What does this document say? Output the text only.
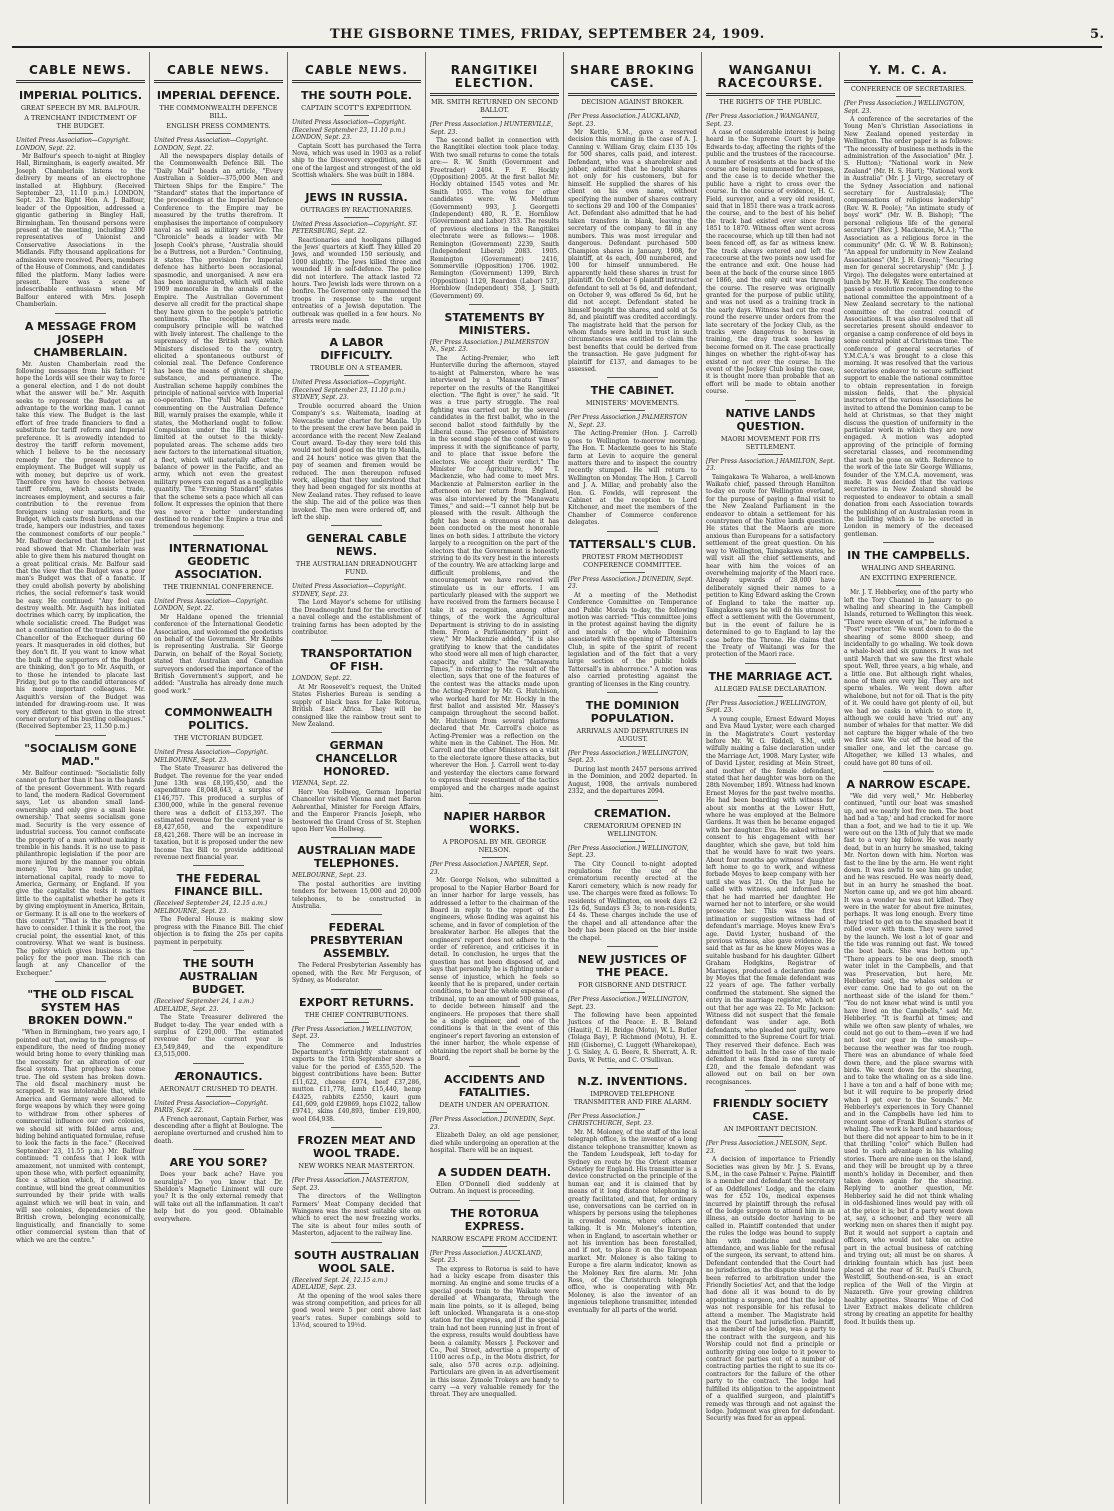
THE GISBORNE TIMES, FRIDAY, SEPTEMBER 24, 1909.	5.
CABLE NEWS.
IMPERIAL POLITICS.
GREAT SPEECH BY MR. BALFOUR.
A TRENCHANT INDICTMENT OF THE BUDGET.
United Press Association—Copyright. LONDON, Sept. 22.
Mr Balfour's speech to-night at Bingley Hall, Birmingham, is eagerly awaited. Mr Joseph Chamberlain listens to the delivery by means of an electrophone installed at Highbury. (Received September 23, 11.10 p.m.) LONDON, Sept. 23. The Right Hon. A. J. Balfour, leader of the Opposition, addressed a gigantic gathering in Bingley Hall, Birmingham. Ten thousand persons were present at the meeting, including 2300 representatives of Unionist and Conservative Associations in the Midlands. Fifty thousand applications for admission were received. Peers, members of the House of Commons, and candidates filled the platform. Many ladies were present. There was a scene of indescribable enthusiasm when Mr Balfour entered with Mrs. Joseph Chamberlain.
A MESSAGE FROM JOSEPH CHAMBERLAIN.
Mr. Austen Chamberlain read the following messages from his father: "I hope the Lords will see their way to force a general election, and I do not doubt what the answer will be." Mr. Asquith seeks to represent the Budget as an advantage to the working man. I cannot take this view. The Budget is the last effort of free trade financiers to find a substitute for tariff reform and Imperial preference. It is avowedly intended to destroy the tariff reform movement, which I believe to be the necessary remedy for the present want of employment. The Budget will supply us with money, but deprive us of work. Therefore you have to choose between tariff reform, which assists trade, increases employment, and secures a fair contribution to the revenue from foreigners using our markets, and the Budget, which casts fresh burdens on our trade, hampers our industries, and taxes the commonest comforts of our people." Mr. Balfour declared that the letter just read showed that Mr. Chamberlain was able to give them his matured thought on a great political crisis. Mr. Balfour said that the view that the Budget was a poor man's Budget was that of a fanatic. If they could abolish poverty by abolishing riches, the social reformer's task would be easy. He continued: "Any fool can destroy wealth. Mr. Asquith has initiated doctrines which carry, by implication, the whole socialistic creed. The Budget was not a continuation of the traditions of the Chancellor of the Exchequer during 60 years. It masquerades in old clothes, but they don't fit. If you want to know what the bulk of the supporters of the Budget are thinking, don't go to Mr. Asquith, or to those he intended to placate last Friday, but go to the candid utterances of his more important colleagues. Mr. Asquith's version of the Budget was intended for drawing-room use. It was very different to that given in the street corner oratory of his bustling colleagues." (Received September 23, 11.50 p.m.)
"SOCIALISM GONE MAD."
Mr. Balfour continued: "Socialistic folly cannot go further than it has in the hands of the present Government. With regard to land, the modern Radical Government says, 'Let us abandon small land-ownership and only give a small lease ownership.' That seems socialism gone mad. Security is the very essence of industrial success. You cannot confiscate the property of a man without making it tremble in his hands. It is no use to pass philanthropic legislation if the poor are more injured by the manner you obtain money. You have mobile capital, international capital, ready to move to America, Germany, or England. If you give the capitalist the tests it matters little to the capitalist whether he gets it by giving employment in America, Britain, or Germany. It is all one to the workers of this country." "That is the problem you have to consider. I think it is the root, the crucial point, the essential knot, of this controversy. What we want is business. The policy which gives business is the policy for the poor man. The rich can laugh at any Chancellor of the Exchequer."
"THE OLD FISCAL SYSTEM HAS BROKEN DOWN."
"When in Birmingham, two years ago, I pointed out that, owing to the progress of expenditure, the need of finding money would bring home to every thinking man the necessity for an alteration of our fiscal system. That prophecy has come true. The old system has broken down. The old fiscal machinery must be scrapped. It was intolerable that, while America and Germany were allowed to forge weapons by which they were going to withdraw from other spheres of commercial influence our own colonies, we should sit with folded arms and, hiding behind antiquated formulae, refuse to look the facts in the face." (Received September 23, 11.55 p.m.) Mr. Balfour continued: "I confess that I look with amazement, not unmixed with contempt, upon those who, with perfect equanimity, face a situation which, if allowed to continue, will bind the great communities surrounded by their pride with walls against which we will beat in vain, and will see colonies, dependencies of the British crown, belonging economically, linguistically, and financially to some other commercial system than that of which we are the centre."
CABLE NEWS.
IMPERIAL DEFENCE.
THE COMMONWEALTH DEFENCE BILL.
ENGLISH PRESS COMMENTS.
United Press Association—Copyright. LONDON, Sept. 22.
All the newspapers display details of the Commonwealth Defence Bill. The "Daily Mail" heads an article, "Every Australian a Soldier—375,000 Men and Thirteen Ships for the Empire." The "Standard" states that the importance of the proceedings at the Imperial Defence Conference to the Empire may be measured by the truths therefrom. It emphasises the importance of compulsory naval as well as military service. The "Chronicle" heads a leader with Mr Joseph Cook's phrase, "Australia should be a Buttress, not a Burden." Continuing, it states: The provision for Imperial defence has hitherto been occasional, spasmodic, and unorganised. A new era has been inaugurated, which will make 1909 memorable in the annals of the Empire. The Australian Government deserve all credit for the practical shape they have given to the people's patriotic sentiments. The reception of the compulsory principle will be watched with lively interest. The challenge to the supremacy of the British navy, which Ministers disclosed to the country, elicited a spontaneous outburst of colonial zeal. The Defence Conference has been the means of giving it shape, substance, and permanence. The Australian scheme happily combines the principle of national service with Imperial co-operation. The "Pall Mall Gazette," commenting on the Australian Defence Bill, warmly praises the example, while it states, the Motherland ought to follow. Compulsion under the Bill is wisely limited at the outset to the thickly-populated areas. The scheme adds two new factors to the international situation, a fleet, which will materially affect the balance of power in the Pacific, and an army, which not even the greatest military powers can regard as a negligible quantity. The "Evening Standard" states that the scheme sets a pace which all can follow. It expresses the opinion that there was never a better understanding destined to render the Empire a true and tremendous hegemony.
INTERNATIONAL GEODETIC ASSOCIATION.
THE TRIENNIAL CONFERENCE.
United Press Association—Copyright. LONDON, Sept. 22.
Mr Haldane opened the triennial conference of the International Geodetic Association, and welcomed the geodetists on behalf of the Government. Mr Knibbs is representing Australia. Sir George Darwin, on behalf of the Royal Society, stated that Australian and Canadian surveyors endorsed the importance of the British Government's support, and he added: "Australia has already done much good work."
COMMONWEALTH POLITICS.
THE VICTORIAN BUDGET.
United Press Association—Copyright. MELBOURNE, Sept. 23.
The State Treasurer has delivered the Budget. The revenue for the year ended June 13th was £8,195,450, and the expenditure £8,048,643, a surplus of £146,757. This produced a surplus of £300,000, while in the general revenue there was a deficit of £153,397. The estimated revenue for the current year is £8,427,650, and the expenditure £8,421,268. There will be an increase in taxation, but it is proposed under the new Income Tax Bill to provide additional revenue next financial year.
THE FEDERAL FINANCE BILL.
(Received September 24, 12.15 a.m.) MELBOURNE, Sept. 23.
The Federal House is making slow progress with the Finance Bill. The chief objection is to fixing the 25s per capita payment in perpetuity.
THE SOUTH AUSTRALIAN BUDGET.
(Received September 24, 1 a.m.) ADELAIDE, Sept. 23.
The State Treasurer delivered the Budget to-day. The year ended with a surplus of £291,000. The estimated revenue for the current year is £3,549,849, and the expenditure £3,515,000.
ÆRONAUTICS.
AERONAUT CRUSHED TO DEATH.
United Press Association—Copyright. PARIS, Sept. 22.
A French aeronaut, Captain Ferber, was descending after a flight at Boulogne. The aeroplane overturned and crushed him to death.
ARE YOU SORE?
Does your back ache? Have you neuralgia? Do you know that Dr. Sheldon's Magnetic Liniment will cure you? It is the only external remedy that will take out all the inflammation. It can't help but do you good. Obtainable everywhere.
CABLE NEWS.
THE SOUTH POLE.
CAPTAIN SCOTT'S EXPEDITION.
United Press Association—Copyright. (Received September 23, 11.10 p.m.) LONDON, Sept. 23.
Captain Scott has purchased the Terra Nova, which was used in 1903 as a relief ship to the Discovery expedition, and is one of the largest and strongest of the old Scottish whalers. She was built in 1884.
JEWS IN RUSSIA.
OUTRAGES BY REACTIONARIES.
United Press Association—Copyright. ST. PETERSBURG, Sept. 22.
Reactionaries and hooligans pillaged the Jews' quarters at Kieff. They killed 20 Jews, and wounded 150 seriously, and 1000 slightly. The Jews killed three and wounded 18 in self-defence. The police did not interfere. The attack lasted 72 hours. Two Jewish lads were thrown on a bonfire. The Governor only summoned the troops in response to the urgent entreaties of a Jewish deputation. The outbreak was quelled in a few hours. No arrests were made.
A LABOR DIFFICULTY.
TROUBLE ON A STEAMER.
United Press Association—Copyright. (Received September 23, 11.10 p.m.) SYDNEY, Sept. 23.
Trouble occurred aboard the Union Company's s.s. Waitemata, loading at Newcastle under charter for Manila. Up to the present the crew have been paid in accordance with the recent New Zealand Court award. To-day they were told this would not hold good on the trip to Manila, and 24 hours' notice was given that the pay of seamen and firemen would be reduced. The men thereupon refused work, alleging that they understood that they had been engaged for six months at New Zealand rates. They refused to leave the ship. The aid of the police was then invoked. The men were ordered off, and left the ship.
GENERAL CABLE NEWS.
THE AUSTRALIAN DREADNOUGHT FUND.
United Press Association—Copyright. SYDNEY, Sept. 23.
The Lord Mayor's scheme for utilising the Dreadnought fund for the erection of a naval college and the establishment of training farms has been adopted by the contributor.
TRANSPORTATION OF FISH.
LONDON, Sept. 22.
At Mr Roosevelt's request, the United States Fisheries Bureau is sending a supply of black bass for Lake Rotorua, British East Africa. They will be consigned like the rainbow trout sent to New Zealand.
GERMAN CHANCELLOR HONORED.
VIENNA, Sept. 22.
Herr Von Hollweg, German Imperial Chancellor visited Vienna and met Baron Aehrenthal, Minister for Foreign Affairs, and the Emperor Francis Joseph, who bestowed the Grand Cross of St. Stephen upon Herr Von Hollweg.
AUSTRALIAN MADE TELEPHONES.
MELBOURNE, Sept. 23.
The postal authorities are inviting tenders for between 15,000 and 20,000 telephones, to be constructed in Australia.
FEDERAL PRESBYTERIAN ASSEMBLY.
The Federal Presbyterian Assembly has opened, with the Rev. Mr Ferguson, of Sydney, as Moderator.
EXPORT RETURNS.
THE CHIEF CONTRIBUTIONS.
[Per Press Association.] WELLINGTON, Sept. 23.
The Commerce and Industries Department's fortnightly statement of exports to the 15th September shows a value for the period of £355,520. The biggest contributions have been: Butter £11,622, cheese £974, beef £37,286, mutton £11,778, lamb £15,440, hemp £4325, rabbits £2550, kauri gum £41,609, gold £29869, hops £1022, tallow £9741, skins £40,893, timber £19,800, wool £64,938.
FROZEN MEAT AND WOOL TRADE.
NEW WORKS NEAR MASTERTON.
[Per Press Association.] MASTERTON, Sept. 23.
The directors of the Wellington Farmers' Meat Company decided that Waingawa was the most suitable site on which to erect the new freezing works. The site is about four miles south of Masterton, adjacent to the railway line.
SOUTH AUSTRALIAN WOOL SALE.
(Received Sept. 24, 12.15 a.m.) ADELAIDE, Sept. 23.
At the opening of the wool sales there was strong competition, and prices for all good wool were 5 per cent above last year's rates. Super combings sold to 13½d, scoured to 19½d.
RANGITIKEI ELECTION.
MR. SMITH RETURNED ON SECOND BALLOT.
[Per Press Association.] HUNTERVILLE, Sept. 23.
The second ballot in connection with the Rangitikei election took place today. With two small returns to come the totals are:— R. W. Smith (Government and Freetrader) 2404. F. F. Hockly (Opposition) 2005. At the first ballot Mr. Hockly obtained 1545 votes and Mr. Smith 1055. The votes for other candidates were: W. Meldrum (Government) 993, J. Georgetti (Independent) 480, R. E. Hornblow (Government and Labor) 353. The results of previous elections in the Rangitikei electorate were as follows:— 1908. Remington (Government) 2239, Smith (Independent Liberal) 2083. 1905. Remington (Government) 2416, Sommerville (Opposition) 1706. 1902. Remington (Government) 1399, Birch (Opposition) 1129, Reardon (Labor) 537, Hornblow (Independent) 358, J. Smith (Government) 69.
STATEMENTS BY MINISTERS.
[Per Press Association.] PALMERSTON N., Sept. 23.
The Acting-Premier, who left Hunterville during the afternoon, stayed to-night at Palmerston, where he was interviewed by a "Manawatu Times" reporter on the results of the Rangitikei election. "The fight is over," he said. "It was a true party struggle. The real fighting was carried out by the several candidates in the first ballot, who in the second ballot stood faithfully by the Liberal cause. The presence of Ministers in the second stage of the contest was to impress it with the significance of party, and to place that issue before the electors. We accept their verdict." The Minister for Agriculture, Mr T. Mackenzie, who had come to meet Mrs. Mackenzie at Palmerston earlier in the afternoon on her return from England, was also interviewed by the "Manawatu Times," and said:—"I cannot help but be pleased with the result. Although the fight has been a strenuous one it has been conducted on the most honorable lines on both sides. I attribute the victory largely to a recognition on the part of the electors that the Government is honestly striving to do its very best in the interests of the country. We are attacking large and difficult problems, and the encouragement we have received will stimulate us in our efforts. I am particularly pleased with the support we have received from the farmers because I take it as recognition, among other things, of the work the Agricultural Department is striving to do in assisting them. From a Parliamentary point of view," Mr Mackenzie added, "it is also gratifying to know that the candidates who stood were all men of high character, capacity, and ability." The "Manawatu Times," in referring to the result of the election, says that one of the features of the contest was the attacks made upon the Acting-Premier by Mr. G. Hutchison, who worked hard for Mr. Hockly in the first ballot and assisted Mr. Massey's campaign throughout the second ballot. Mr. Hutchison from several platforms declared that Mr. Carroll's choice as Acting-Premier was a reflection on the white men in the Cabinet. The Hon. Mr. Carroll and the other Ministers on a visit to the electorate ignore these attacks, but wherever the Hon. J. Carroll went to-day and yesterday the electors came forward to express their resentment of the tactics employed and the charges made against him.
NAPIER HARBOR WORKS.
A PROPOSAL BY MR. GEORGE NELSON.
[Per Press Association.] NAPIER, Sept. 23.
Mr. George Nelson, who submitted a proposal to the Napier Harbor Board for an inner harbor for large vessels, has addressed a letter to the chairman of the Board in reply to the report of the engineers, whose finding was against his scheme, and in favor of completion of the breakwater harbor. He alleges that the engineers' report does not adhere to the order of reference, and criticises it in detail. In conclusion, he urges that the question has not been disposed of, and says that personally he is fighting under a sense of injustice, which he feels so keenly that he is prepared, under certain conditions, to bear the whole expense of a tribunal, up to an amount of 500 guineas, to decide between himself and the engineers. He proposes that there shall be a single engineer, and one of the conditions is that in the event of this engineer's report favoring an extension of the inner harbor, the whole expense of obtaining the report shall be borne by the Board.
ACCIDENTS AND FATALITIES.
DEATH UNDER AN OPERATION.
[Per Press Association.] DUNEDIN, Sept. 23.
Elizabeth Daley, an old age pensioner, died while undergoing an operation at the hospital. There will be an inquest.
A SUDDEN DEATH.
Ellen O'Donnell died suddenly at Outram. An inquest is proceeding.
THE ROTORUA EXPRESS.
NARROW ESCAPE FROM ACCIDENT.
[Per Press Association.] AUCKLAND, Sept. 23.
The express to Rotorua is said to have had a lucky escape from disaster this morning. An engine and some trucks of a special goods train to the Waikato were derailed at Whangarata, through the main line points, so it is alleged, being left unlocked. Whangarata is a one-stop station for the express, and if the special train had not been running just in front of the express, results would doubtless have been a calamity. Messrs J. Peckover and Co., Peel Street, advertise a property of 1100 acres o.f.p., in the Motu district, for sale, also 570 acres o.r.p. adjoining. Particulars are given in an advertisement in this issue. Zymole Trokeys are handy to carry —a very valuable remedy for the throat. They are unequalled.
SHARE BROKING CASE.
DECISION AGAINST BROKER.
[Per Press Association.] AUCKLAND, Sept. 23.
Mr Kettle, S.M., gave a reserved decision this morning in the case of A. J. Canning v. William Gray, claim £135 10s for 500 shares, calls paid, and interest. Defendant, who was a sharebroker and jobber, admitted that he bought shares not only for his customers, but for himself. He supplied the shares of his client on his own name, without specifying the number of shares contrary to sections 29 and 100 of the Companies' Act. Defendant also admitted that he had taken transfers in blank, leaving the secretary of the company to fill in any numbers. This was most irregular and dangerous. Defendant purchased 500 Champion shares in January, 1908, for plaintiff, at 4s each, 400 numbered, and 100 for himself unnumbered. He apparently held these shares in trust for plaintiff. On October 6 plaintiff instructed defendant to sell at 5s 6d, and defendant, on October 9, was offered 5s 6d, but he did not accept. Defendant stated he himself bought the shares, and sold at 5s 8d, and plaintiff was credited accordingly. The magistrate held that the person for whom funds were held in trust in such circumstances was entitled to claim the best benefits that could be derived from the transaction. He gave judgment for plaintiff for £137, and damages to be assessed.
THE CABINET.
MINISTERS' MOVEMENTS.
[Per Press Association.] PALMERSTON N., Sept. 23.
The Acting-Premier (Hon. J. Carroll) goes to Wellington to-morrow morning. The Hon. T. Mackenzie goes to his State farm at Levin to acquire the general matters there and to inspect the country recently stumped. He will return to Wellington on Monday. The Hon. J. Carroll and J. A. Millar, and probably also the Hon. G. Fowlds, will represent the Cabinet at the reception to Lord Kitchener, and meet the members of the Chamber of Commerce conference delegates.
TATTERSALL'S CLUB.
PROTEST FROM METHODIST CONFERENCE COMMITTEE.
[Per Press Association.] DUNEDIN, Sept. 23.
At a meeting of the Methodist Conference Committee on Temperance and Public Morals to-day, the following motion was carried: "This committee joins in the protest against having the dignity and morals of the whole Dominion associated with the opening of Tattersall's Club, in spite of the spirit of recent legislation and of the fact that a very large section of the public holds Tattersall's in abhorrence." A motion was also carried protesting against the granting of licenses in the King country.
THE DOMINION POPULATION.
ARRIVALS AND DEPARTURES IN AUGUST.
[Per Press Association.] WELLINGTON, Sept. 23.
During last month 2457 persons arrived in the Dominion, and 2002 departed. In August, 1908, the arrivals numbered 2332, and the departures 2094.
CREMATION.
CREMATORIUM OPENED IN WELLINGTON.
[Per Press Association.] WELLINGTON, Sept. 23.
The City Council to-night adopted regulations for the use of the crematorium recently erected at the Karori cemetery, which is now ready for use. The charges were fixed as follows: To residents of Wellington, on week days £2 12s 6d, Sundays £3 3s; to non-residents, £4 4s. These charges include the use of the chapel and all attendance after the body has been placed on the bier inside the chapel.
NEW JUSTICES OF THE PEACE.
FOR GISBORNE AND DISTRICT.
[Per Press Association.] WELLINGTON, Sept. 23.
The following have been appointed Justices of the Peace: E. B. Boland (Hauiti), C. H. Bridge (Motu), W. L. Butler (Tolaga Bay), P. Richmond (Motu), H. E. Hill (Gisborne), C. Luggett (Wharekopae), J. G. Sisley, A. G. Beere, R. Sherratt, A. R. Davis, W. Pettie, and C. O'Sullivan.
N.Z. INVENTIONS.
IMPROVED TELEPHONE TRANSMITTER AND FIRE ALARM.
[Per Press Association.] CHRISTCHURCH, Sept. 23.
Mr. M. Moloney, of the staff of the local telegraph office, is the inventor of a long distance telephone transmitter, known as the Tandem Loudspeak, left to-day for Sydney en route by the Orient steamer Osterley for England. His transmitter is a device constructed on the principle of the human ear, and it is claimed that by means of it long distance telephoning is greatly facilitated, and that, for ordinary use, conversations can be carried on in whispers by persons using the telephones in crowded rooms, where others are talking. It is Mr. Moloney's intention, when in England, to ascertain whether or not his invention has been forestalled, and if not, to place it on the European market. Mr. Moloney is also taking to Europe a fire alarm indicator, known as the Moloney Rex fire alarm. Mr. John Ross, of the Christchurch telegraph office, who is cooperating with Mr. Moloney, is also the inventor of an ingenious telephone transmitter, intended eventually for all parts of the world.
WANGANUI RACECOURSE.
THE RIGHTS OF THE PUBLIC.
[Per Press Association.] WANGANUI, Sept. 23.
A case of considerable interest is being heard in the Supreme Court by Judge Edwards to-day, affecting the rights of the public and the trustees of the racecourse. A number of residents at the back of the course are being summoned for trespass, and the case is to decide whether the public have a right to cross over the course. In the course of evidence, H. C. Field, surveyor, and a very old resident, said that in 1851 there was a track across the course, and to the best of his belief the track had existed ever since from 1851 to 1870. Witness often went across the racecourse, which up till then had not been fenced off, as far as witness knew. The track always entered and left the racecourse at the two points now used for the entrance and exit. One house had been at the back of the course since 1865 or 1866, and the only exit was through the course. The reserve was originally granted for the purpose of public utility, and was not used as a training track in the early days. Witness had cut the road round the reserve under orders from the late secretary of the Jockey Club, as the tracks were dangerous to horses in training, the dray track soon having become formed on it. The case practically hinges on whether the right-of-way has existed or not over the course. In the event of the Jockey Club losing the case, it is thought more than probable that an effort will be made to obtain another course.
NATIVE LANDS QUESTION.
MAORI MOVEMENT FOR ITS SETTLEMENT.
[Per Press Association.] HAMILTON, Sept. 23.
Taingakawa Te Waharoa, a well-known Waikato chief, passed through Hamilton to-day en route for Wellington overland, for the purpose of paying a final visit to the New Zealand Parliament in the endeavor to obtain a settlement for his countrymen of the Native lands question. He states that the Maoris are more anxious than Europeans for a satisfactory settlement of the great question. On his way to Wellington, Taingakawa states, he will visit all the chief settlements, and hear with him the voices of an overwhelming majority of the Maori race. Already upwards of 28,000 have deliberately signed their names to a petition to King Edward asking the Crown of England to take the matter up. Taingakawa says he will do his utmost to effect a settlement with the Government, but in the event of failure he is determined to go to England to lay the case before the Throne. He claims that the Treaty of Waitangi was for the protection of the Maori race.
THE MARRIAGE ACT.
ALLEGED FALSE DECLARATION.
[Per Press Association.] WELLINGTON, Sept. 23.
A young couple, Ernest Edward Moyes and Eva Maud Lyster, were each charged in the Magistrate's Court yesterday before Mr. W. G. Riddell, S.M., with wilfully making a false declaration under the Marriage Act, 1908. Mary Lyster, wife of David Lyster, residing at Mein Street, and mother of the female defendant, stated that her daughter was born on the 28th November, 1891. Witness had known Ernest Moyes for the past twelve months. He had been boarding with witness for about six months at the Lower Hutt, where he was employed at the Belmore Gardens. It was then he became engaged with her daughter. Eva. He asked witness' consent to his engagement with her daughter, which she gave, but told him that he would have to wait two years. About four months ago witness' daughter left home to go to work, and witness forbade Moyes to keep company with her until she was 21. On the 1st June he called with witness, and informed her that he had married her daughter. He warned her not to interfere, or she would prosecute her. This was the first intimation or suggestion witness had of defendant's marriage. Moyes knew Eva's age. David Lyster, husband of the previous witness, also gave evidence. He said that as far as he knew Moyes was a suitable husband for his daughter. Gilbert Graham Hodgkins, Registrar of Marriages, produced a declaration made by Moyes that the female defendant was 22 years of age. The father verbally confirmed the statement. She signed the entry in the marriage register, which set out that her age was 22. To Mr. Jackson: Witness did not suspect that the female defendant was under age. Both defendants, who pleaded not guilty, were committed to the Supreme Court for trial. They reserved their defence. Each was admitted to bail. In the case of the male defendant it was fixed in one surety of £20, and the female defendant was allowed out on bail on her own recognisances.
FRIENDLY SOCIETY CASE.
AN IMPORTANT DECISION.
[Per Press Association.] NELSON, Sept. 23.
A decision of importance to Friendly Societies was given by Mr. J. S. Evans, S.M., in the case Palmer v. Payne. Plaintiff is a member and defendant the secretary of an Oddfellows' Lodge, and the claim was for £52 10s, medical expenses incurred by plaintiff through the refusal of the lodge surgeon to attend him in an illness, an outside doctor having to be called in. Plaintiff contended that under the rules the lodge was bound to supply him with medicine and medical attendance, and was liable for the refusal of the surgeon, its servant, to attend him. Defendant contended that the Court had no jurisdiction, as the dispute should have been referred to arbitration under the Friendly Societies' Act, and that the lodge had done all it was bound to do by appointing a surgeon, and that the lodge was not responsible for his refusal to attend a member. The Magistrate held that the Court had jurisdiction. Plaintiff, as a member of the lodge, was a party to the contract with the surgeon, and his Worship could not find a principle or authority giving one lodge to it power to contract for parties out of a number of contracting parties the right to sue its co-contractors for the failure of the other party to the contract. The lodge had fulfilled its obligation to the appointment of a qualified surgeon, and plaintiff's remedy was through and not against the lodge. Judgment was given for defendant. Security was fixed for an appeal.
Y. M. C. A.
CONFERENCE OF SECRETARIES.
[Per Press Association.] WELLINGTON, Sept. 23.
A conference of the secretaries of the Young Men's Christian Associations in New Zealand opened yesterday in Wellington. The order paper is as follows: "The necessity of business methods in the administration of the Association" (Mr. J. S. Hutton); "National work in New Zealand" (Mr. H. S. Hart); "National work in Australia" (Mr. J. J. Virgo, secretary of the Sydney Association and national secretary for Australasia); "The compensations of religious leadership" (Rev. W. R. Poole); "An intimate study of boys' work" (Mr. W. B. Bishop); "The personal religious life of the general secretary" (Rev. J. Mackenzie, M.A.); "The Association as a religious force in the community" (Mr. G. W. W. B. Robinson); "An appeal for uniformity in New Zealand Associations" (Mr. J. H. Green); "Securing men for general secretaryship" (Mr. J. J. Virgo). The delegates were entertained at lunch by Mr. H. W. Kenley. The conference passed a resolution recommending to the national committee the appointment of a New Zealand secretary to the national committee of the central council of Associations. It was also resolved that all secretaries present should endeavor to organise a camp conference of old boys in some central point at Christmas time. The conference of general secretaries of Y.M.C.A.'s was brought to a close this morning. It was resolved that the various secretaries endeavor to secure sufficient support to enable the national committee to obtain representation in foreign mission fields, that the physical instructors of the various Associations be invited to attend the Dominion camp to be held at Christmas, so that they might discuss the question of uniformity in the particular work in which they are now engaged. A motion was adopted approving of the principle of forming secretarial classes, and recommending that such be gone on with. Reference to the work of the late Sir George Williams, founder of the Y.M.C.A. movement, was made. It was decided that the various secretaries in New Zealand should be requested to endeavor to obtain a small donation from each Association towards the publishing of an Australasian room in the building which is to be erected in London in memory of the deceased gentleman.
IN THE CAMPBELLS.
WHALING AND SHEARING.
AN EXCITING EXPERIENCE.
Mr. J. T. Hebberley, one of the party who left the Tory Channel in January to go whaling and shearing in the Campbell Islands, returned to Wellington this week. "There were eleven of us," he informed a "Post" reporter. "We went down to do the shearing of some 8000 sheep, and incidentally to go whaling. We took down a whale-boat and six gunners. It was not until March that we saw the first whale spout. Well, three years, a big whale, and a little one. But although right whales, none of them are very big. They are not sperm whales. We went down after whalebone, but not for oil. That is the pity of it. We could have got plenty of oil, but we had no casks in which to store it, although we could have 'tried out' any number of whales for that matter. We did not capture the bigger whale of the two we first saw. We cut off the head of the smaller one, and let the carcase go. Altogether, we killed 13 whales, and could have got 80 tuns of oil.
A NARROW ESCAPE.
"We did very well," Mr. Hebberley continued, "until our boat was smashed up, and we nearly lost five men. The boat had had a 'tap,' and had cracked for more than a foot, and we had to tie it up. We were out on the 13th of July that we made fast to a very big fellow. He was nearly dead, but in an hurry he smashed, taking Mr. Norton down with him. Norton was fast to the line by the arm. He went right down. It was awful to see him go under, and he was rescued. He was nearly dead, but in an hurry he smashed the boat. Norton came up, and we got him aboard. It was a wonder he was not killed. They were in the water for about five minutes, perhaps. It was long enough. Every time they tried to get on to the smashed boat it rolled over with them. They were saved by the launch. We lost a lot of gear and the tide was running out fast. We towed the boat back. She was bottom up." "There appears to be one deep, smooth water inlet in the Campbells, and that was Preservation, but here, Mr. Hebberley said, the whales seldom or ever came. One had to go out on the northeast side of the island for them." "You do not know what wind is until you have lived on the Campbells," said Mr. Hebberley. "It is fearful at times; and while we often saw plenty of whales, we could not go out to them—even if we had not lost our gear in the smash-up—because the weather was far too rough. There was an abundance of whale feed down there, and the place swarms with birds. We went down for the shearing, and to take the whaling on as a side line. I have a ton and a half of bone with me; but it will require to be properly dried when I get over to the Sounds." Mr. Hebberley's experiences in Tory Channel and in the Campbells have led him to recount some of Frank Bullen's stories of whaling. The work is hard and hazardous; but there did not appear to him to be in it that thrilling "color" which Bullen had used to such advantage in his whaling stories. There are nine men on the island, and they will be brought up by a three month's holiday in December, and then taken down again for the shearing. Replying to another question, Mr. Hebberley said he did not think whaling in old-fashioned lines would pay with oil at the price it is; but if a party went down at, say, a schooner, and they were all working men on shares then it might pay. But it would not support a captain and officers, who would not take on active part in the actual business of catching and trying out; all must be on shares. A drinking fountain which has just been placed at the rear of St. Paul's Church, Westcliff, Southend-on-sea, is an exact replica of the Well of the Virgin at Nazareth. Give your growing children healthy appetites. Stearns' Wine of Cod Liver Extract makes delicate children strong by creating an appetite for healthy food. It builds them up.
